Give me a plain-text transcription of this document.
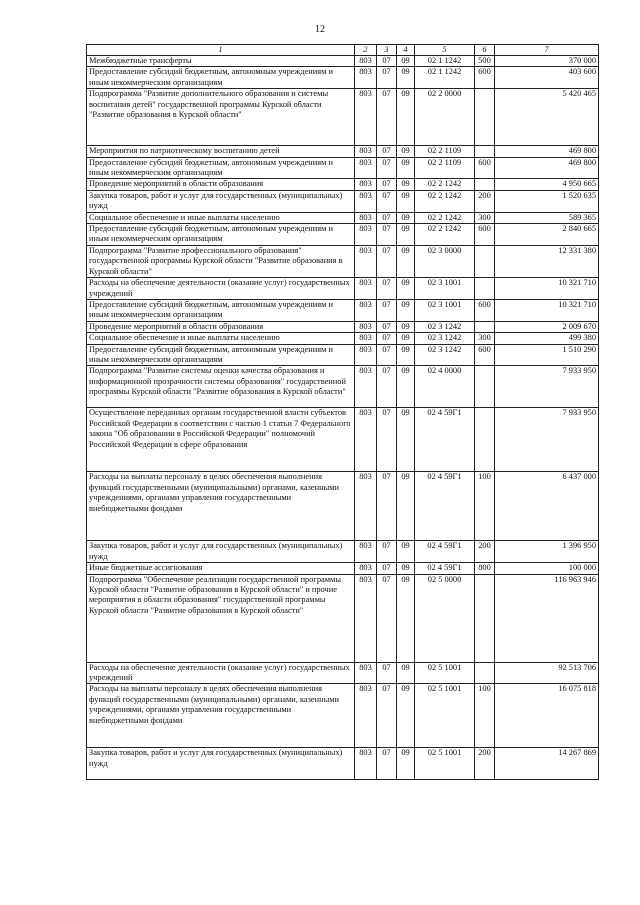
12
1	2	3	4	5	6	7
Межбюджетные трансферты	803	07	09	02 1 1242	500	370 000
Предоставление субсидий бюджетным, автономным учреждениям и иным некоммерческим организациям	803	07	09	02 1 1242	600	403 600
Подпрограмма "Развитие дополнительного образования и системы воспитания детей" государственной программы Курской области "Развитие образования в Курской области"	803	07	09	02 2 0000		5 420 465
Мероприятия по патриотическому воспитанию детей	803	07	09	02 2 1109		469 800
Предоставление субсидий бюджетным, автономным учреждениям и иным некоммерческим организациям	803	07	09	02 2 1109	600	469 800
Проведение мероприятий в области образования	803	07	09	02 2 1242		4 950 665
Закупка товаров, работ и услуг для государственных (муниципальных) нужд	803	07	09	02 2 1242	200	1 520 635
Социальное обеспечение и иные выплаты населению	803	07	09	02 2 1242	300	589 365
Предоставление субсидий бюджетным, автономным учреждениям и иным некоммерческим организациям	803	07	09	02 2 1242	600	2 840 665
Подпрограмма "Развитие профессионального образования" государственной программы Курской области "Развитие образования в Курской области"	803	07	09	02 3 0000		12 331 380
Расходы на обеспечение деятельности (оказание услуг) государственных учреждений	803	07	09	02 3 1001		10 321 710
Предоставление субсидий бюджетным, автономным учреждениям и иным некоммерческим организациям	803	07	09	02 3 1001	600	10 321 710
Проведение мероприятий в области образования	803	07	09	02 3 1242		2 009 670
Социальное обеспечение и иные выплаты населению	803	07	09	02 3 1242	300	499 380
Предоставление субсидий бюджетным, автономным учреждениям и иным некоммерческим организациям	803	07	09	02 3 1242	600	1 510 290
Подпрограмма "Развитие системы оценки качества образования и информационной прозрачности системы образования" государственной программы Курской области "Развитие образования в Курской области"	803	07	09	02 4 0000		7 933 950
Осуществление переданных органам государственной власти субъектов Российской Федерации в соответствии с частью 1 статьи 7 Федерального закона "Об образовании в Российской Федерации" полномочий Российской Федерации в сфере образования	803	07	09	02 4 59Г1		7 933 950
Расходы на выплаты персоналу в целях обеспечения выполнения функций государственными (муниципальными) органами, казенными учреждениями, органами управления государственными внебюджетными фондами	803	07	09	02 4 59Г1	100	6 437 000
Закупка товаров, работ и услуг для государственных (муниципальных) нужд	803	07	09	02 4 59Г1	200	1 396 950
Иные бюджетные ассигнования	803	07	09	02 4 59Г1	800	100 000
Подпрограмма "Обеспечение реализации государственной программы Курской области "Развитие образования в Курской области" и прочие мероприятия в области образования" государственной программы Курской области "Развитие образования в Курской области"	803	07	09	02 5 0000		116 963 946
Расходы на обеспечение деятельности (оказание услуг) государственных учреждений	803	07	09	02 5 1001		92 513 706
Расходы на выплаты персоналу в целях обеспечения выполнения функций государственными (муниципальными) органами, казенными учреждениями, органами управления государственными внебюджетными фондами	803	07	09	02 5 1001	100	16 075 818
Закупка товаров, работ и услуг для государственных (муниципальных) нужд	803	07	09	02 5 1001	200	14 267 869
